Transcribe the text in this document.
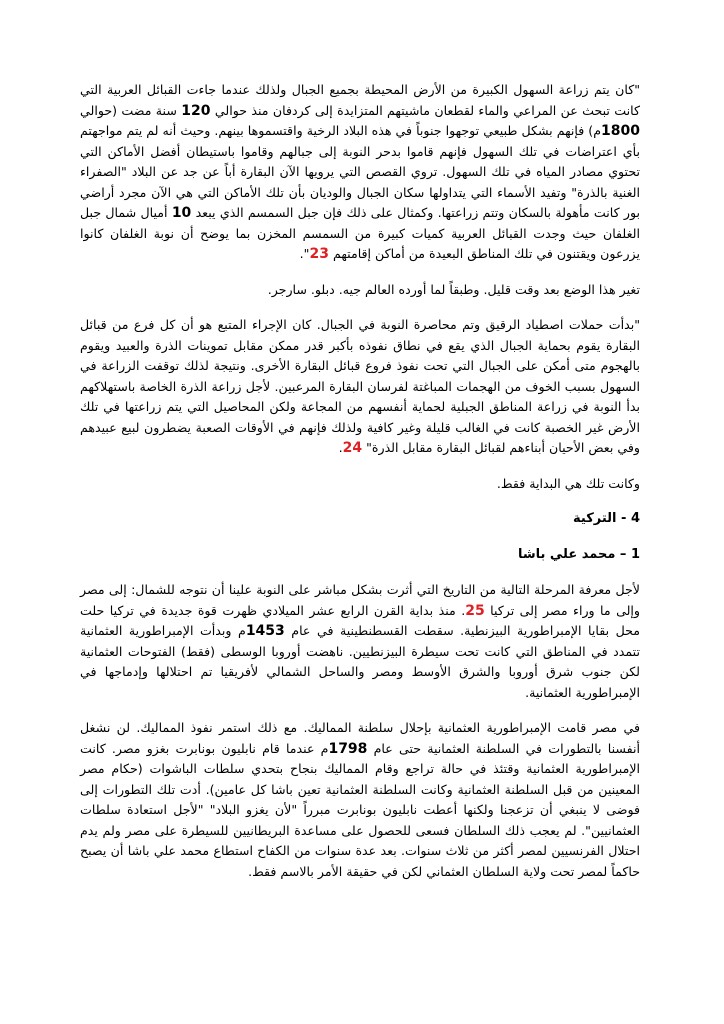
"كان يتم زراعة السهول الكبيرة من الأرض المحيطة بجميع الجبال ولذلك عندما جاءت القبائل العربية التي كانت تبحث عن المراعي والماء لقطعان ماشيتهم المتزايدة إلى كردفان منذ حوالي 120 سنة مضت (حوالي 1800م) فإنهم بشكل طبيعي توجهوا جنوباً في هذه البلاد الرخية واقتسموها بينهم. وحيث أنه لم يتم مواجهتم بأي اعتراضات في تلك السهول فإنهم قاموا بدحر النوبة إلى جبالهم وقاموا باستيطان أفضل الأماكن التي تحتوي مصادر المياه في تلك السهول. تروي القصص التي يرويها الآن البقارة أباً عن جد عن البلاد "الصفراء الغنية بالذرة" وتفيد الأسماء التي يتداولها سكان الجبال والوديان بأن تلك الأماكن التي هي الآن مجرد أراضي بور كانت مأهولة بالسكان وتتم زراعتها. وكمثال على ذلك فإن جبل السمسم الذي يبعد 10 أميال شمال جبل الغلفان حيث وجدت القبائل العربية كميات كبيرة من السمسم المخزن بما يوضح أن نوبة الغلفان كانوا يزرعون ويقتنون في تلك المناطق البعيدة من أماكن إقامتهم 23".

تغير هذا الوضع بعد وقت قليل. وطبقاً لما أورده العالم جيه. دبلو. سارجر.

"بدأت حملات اصطياد الرقيق وتم محاصرة النوبة في الجبال. كان الإجراء المتبع هو أن كل فرع من قبائل البقارة يقوم بحماية الجبال الذي يقع في نطاق نفوذه بأكبر قدر ممكن مقابل تموينات الذرة والعبيد ويقوم بالهجوم متى أمكن على الجبال التي تحت نفوذ فروع قبائل البقارة الأخرى. ونتيجة لذلك توقفت الزراعة في السهول بسبب الخوف من الهجمات المباغتة لفرسان البقارة المرعبين. لأجل زراعة الذرة الخاصة باستهلاكهم بدأ النوبة في زراعة المناطق الجبلية لحماية أنفسهم من المجاعة ولكن المحاصيل التي يتم زراعتها في تلك الأرض غير الخصبة كانت في الغالب قليلة وغير كافية ولذلك فإنهم في الأوقات الصعبة يضطرون لبيع عبيدهم وفي بعض الأحيان أبناءهم لقبائل البقارة مقابل الذرة" 24.

وكانت تلك هي البداية فقط.

4 - التركية

1 – محمد علي باشا

لأجل معرفة المرحلة التالية من التاريخ التي أثرت بشكل مباشر على النوبة علينا أن نتوجه للشمال: إلى مصر وإلى ما وراء مصر إلى تركيا 25. منذ بداية القرن الرابع عشر الميلادي ظهرت قوة جديدة في تركيا حلت محل بقايا الإمبراطورية البيزنطية. سقطت القسطنطينية في عام 1453م وبدأت الإمبراطورية العثمانية تتمدد في المناطق التي كانت تحت سيطرة البيزنطيين. ناهضت أوروبا الوسطى (فقط) الفتوحات العثمانية لكن جنوب شرق أوروبا والشرق الأوسط ومصر والساحل الشمالي لأفريقيا تم احتلالها وإدماجها في الإمبراطورية العثمانية.

في مصر قامت الإمبراطورية العثمانية بإحلال سلطنة المماليك. مع ذلك استمر نفوذ المماليك. لن نشغل أنفسنا بالتطورات في السلطنة العثمانية حتى عام 1798م عندما قام نابليون بونابرت بغزو مصر. كانت الإمبراطورية العثمانية وقتئذ في حالة تراجع وقام المماليك بنجاح بتحدي سلطات الباشوات (حكام مصر المعينين من قبل السلطنة العثمانية وكانت السلطنة العثمانية تعين باشا كل عامين). أدت تلك التطورات إلى فوضى لا ينبغي أن تزعجنا ولكنها أعطت نابليون بونابرت مبرراً "لأن يغزو البلاد" "لأجل استعادة سلطات العثمانيين". لم يعجب ذلك السلطان فسعى للحصول على مساعدة البريطانيين للسيطرة على مصر ولم يدم احتلال الفرنسيين لمصر أكثر من ثلاث سنوات. بعد عدة سنوات من الكفاح استطاع محمد علي باشا أن يصبح حاكماً لمصر تحت ولاية السلطان العثماني لكن في حقيقة الأمر بالاسم فقط.
